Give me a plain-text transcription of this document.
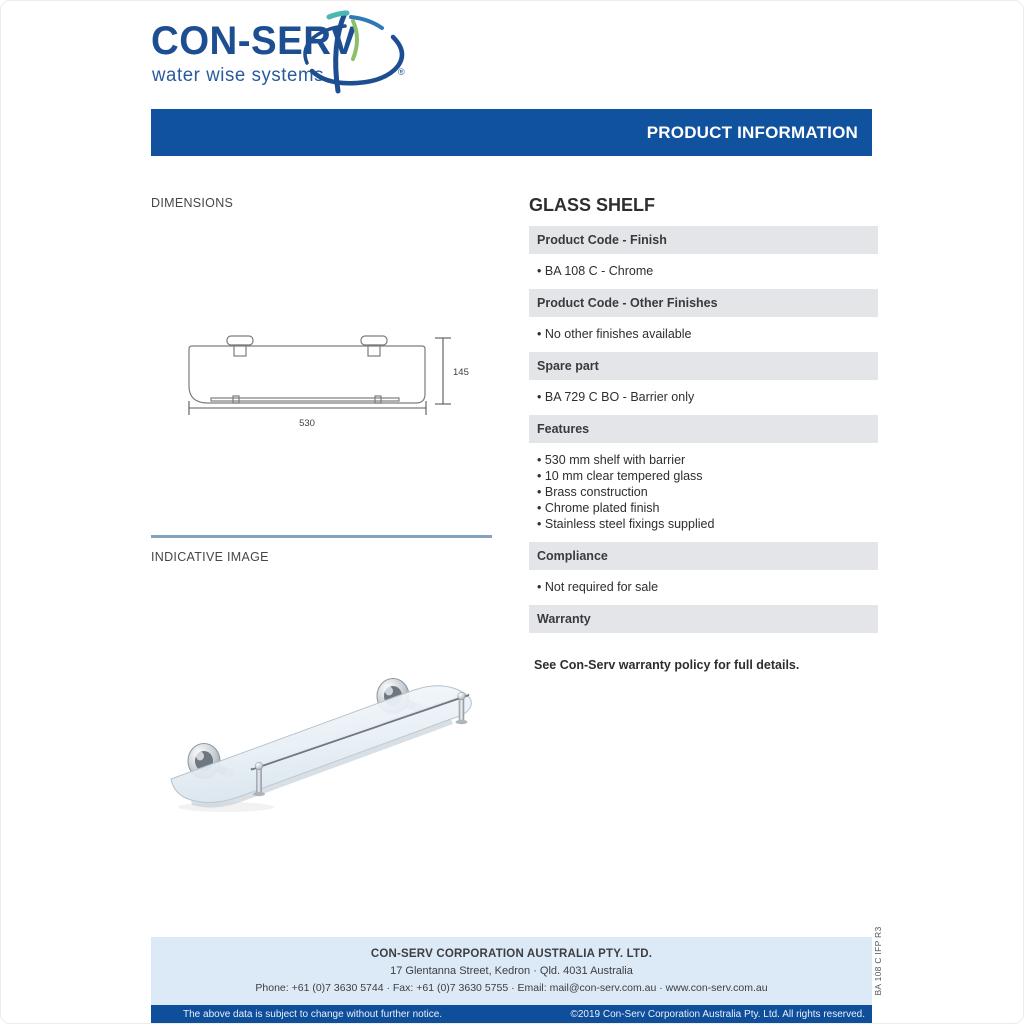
CON-SERV
water wise systems	®
PRODUCT INFORMATION
DIMENSIONS
145
530
INDICATIVE IMAGE
GLASS SHELF
Product Code - Finish
• BA 108 C - Chrome
Product Code - Other Finishes
• No other finishes available
Spare part
• BA 729 C BO - Barrier only
Features
• 530 mm shelf with barrier
• 10 mm clear tempered glass
• Brass construction
• Chrome plated finish
• Stainless steel fixings supplied
Compliance
• Not required for sale
Warranty
See Con-Serv warranty policy for full details.
CON-SERV CORPORATION AUSTRALIA PTY. LTD.
17 Glentanna Street, Kedron · Qld. 4031 Australia
Phone: +61 (0)7 3630 5744 · Fax: +61 (0)7 3630 5755 · Email: mail@con-serv.com.au · www.con-serv.com.au
The above data is subject to change without further notice.	©2019 Con-Serv Corporation Australia Pty. Ltd. All rights reserved.
BA 108 C IFP R3
